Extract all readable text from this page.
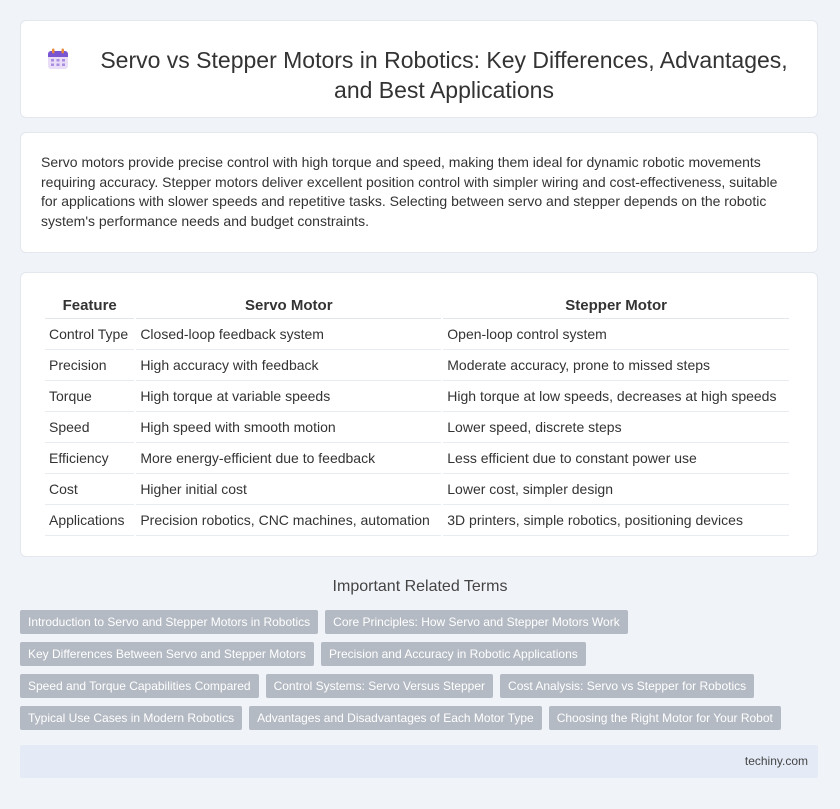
Servo vs Stepper Motors in Robotics: Key Differences, Advantages, and Best Applications

Servo motors provide precise control with high torque and speed, making them ideal for dynamic robotic movements requiring accuracy. Stepper motors deliver excellent position control with simpler wiring and cost-effectiveness, suitable for applications with slower speeds and repetitive tasks. Selecting between servo and stepper depends on the robotic system's performance needs and budget constraints.

Feature	Servo Motor	Stepper Motor
Control Type	Closed-loop feedback system	Open-loop control system
Precision	High accuracy with feedback	Moderate accuracy, prone to missed steps
Torque	High torque at variable speeds	High torque at low speeds, decreases at high speeds
Speed	High speed with smooth motion	Lower speed, discrete steps
Efficiency	More energy-efficient due to feedback	Less efficient due to constant power use
Cost	Higher initial cost	Lower cost, simpler design
Applications	Precision robotics, CNC machines, automation	3D printers, simple robotics, positioning devices
Important Related Terms
Introduction to Servo and Stepper Motors in Robotics	Core Principles: How Servo and Stepper Motors Work
Key Differences Between Servo and Stepper Motors	Precision and Accuracy in Robotic Applications
Speed and Torque Capabilities Compared	Control Systems: Servo Versus Stepper	Cost Analysis: Servo vs Stepper for Robotics
Typical Use Cases in Modern Robotics	Advantages and Disadvantages of Each Motor Type	Choosing the Right Motor for Your Robot
techiny.com
